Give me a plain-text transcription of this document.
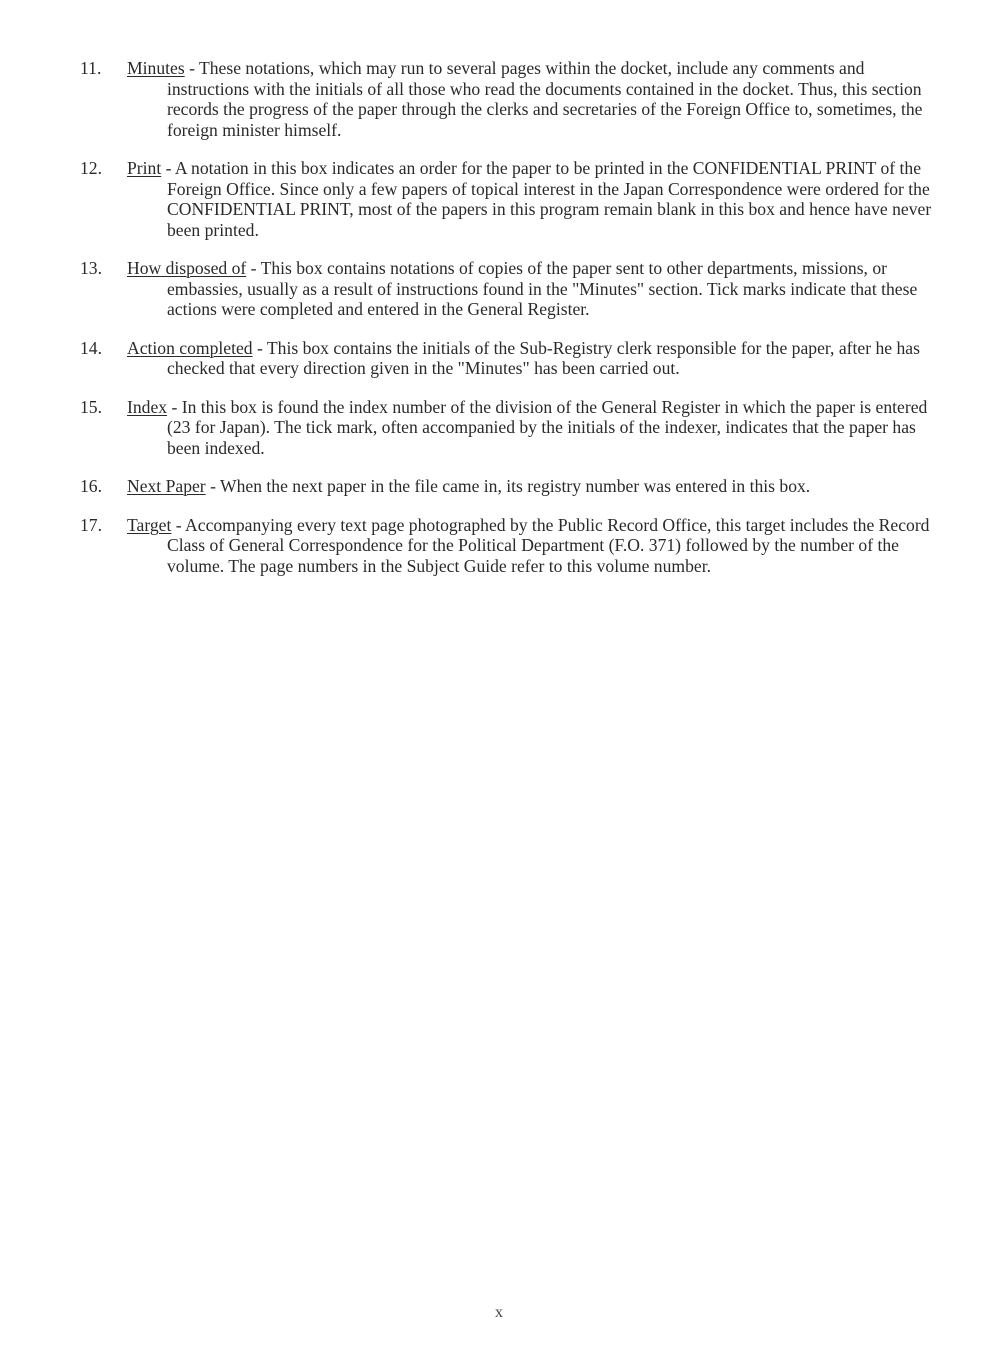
11.	Minutes - These notations, which may run to several pages within the docket, include any comments and instructions with the initials of all those who read the documents contained in the docket. Thus, this section records the progress of the paper through the clerks and secretaries of the Foreign Office to, sometimes, the foreign minister himself.
12.	Print - A notation in this box indicates an order for the paper to be printed in the CONFIDENTIAL PRINT of the Foreign Office. Since only a few papers of topical interest in the Japan Correspondence were ordered for the CONFIDENTIAL PRINT, most of the papers in this program remain blank in this box and hence have never been printed.
13.	How disposed of - This box contains notations of copies of the paper sent to other departments, missions, or embassies, usually as a result of instructions found in the "Minutes" section. Tick marks indicate that these actions were completed and entered in the General Register.
14.	Action completed - This box contains the initials of the Sub-Registry clerk responsible for the paper, after he has checked that every direction given in the "Minutes" has been carried out.
15.	Index - In this box is found the index number of the division of the General Register in which the paper is entered (23 for Japan). The tick mark, often accompanied by the initials of the indexer, indicates that the paper has been indexed.
16.	Next Paper - When the next paper in the file came in, its registry number was entered in this box.
17.	Target - Accompanying every text page photographed by the Public Record Office, this target includes the Record Class of General Correspondence for the Political Department (F.O. 371) followed by the number of the volume. The page numbers in the Subject Guide refer to this volume number.
x
